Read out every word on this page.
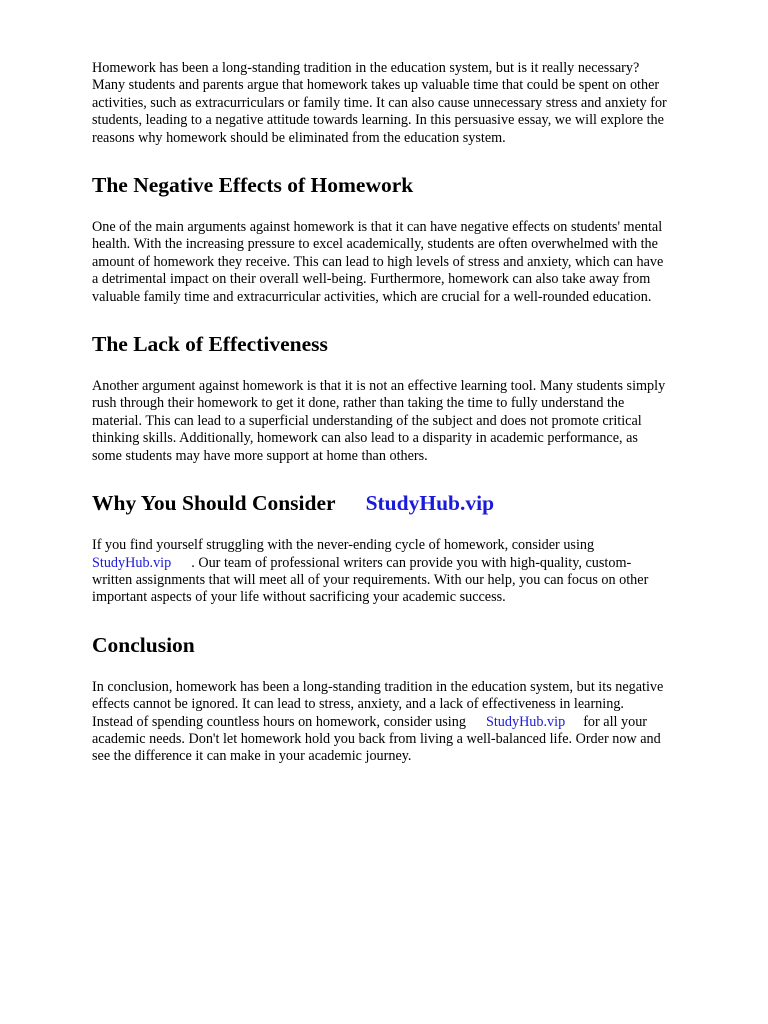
Homework has been a long-standing tradition in the education system, but is it really necessary?
Many students and parents argue that homework takes up valuable time that could be spent on other
activities, such as extracurriculars or family time. It can also cause unnecessary stress and anxiety for
students, leading to a negative attitude towards learning. In this persuasive essay, we will explore the
reasons why homework should be eliminated from the education system.

The Negative Effects of Homework

One of the main arguments against homework is that it can have negative effects on students' mental
health. With the increasing pressure to excel academically, students are often overwhelmed with the
amount of homework they receive. This can lead to high levels of stress and anxiety, which can have
a detrimental impact on their overall well-being. Furthermore, homework can also take away from
valuable family time and extracurricular activities, which are crucial for a well-rounded education.

The Lack of Effectiveness

Another argument against homework is that it is not an effective learning tool. Many students simply
rush through their homework to get it done, rather than taking the time to fully understand the
material. This can lead to a superficial understanding of the subject and does not promote critical
thinking skills. Additionally, homework can also lead to a disparity in academic performance, as
some students may have more support at home than others.

Why You Should Consider StudyHub.vip

If you find yourself struggling with the never-ending cycle of homework, consider using
StudyHub.vip . Our team of professional writers can provide you with high-quality, custom-
written assignments that will meet all of your requirements. With our help, you can focus on other
important aspects of your life without sacrificing your academic success.

Conclusion

In conclusion, homework has been a long-standing tradition in the education system, but its negative
effects cannot be ignored. It can lead to stress, anxiety, and a lack of effectiveness in learning.
Instead of spending countless hours on homework, consider using StudyHub.vip for all your
academic needs. Don't let homework hold you back from living a well-balanced life. Order now and
see the difference it can make in your academic journey.
